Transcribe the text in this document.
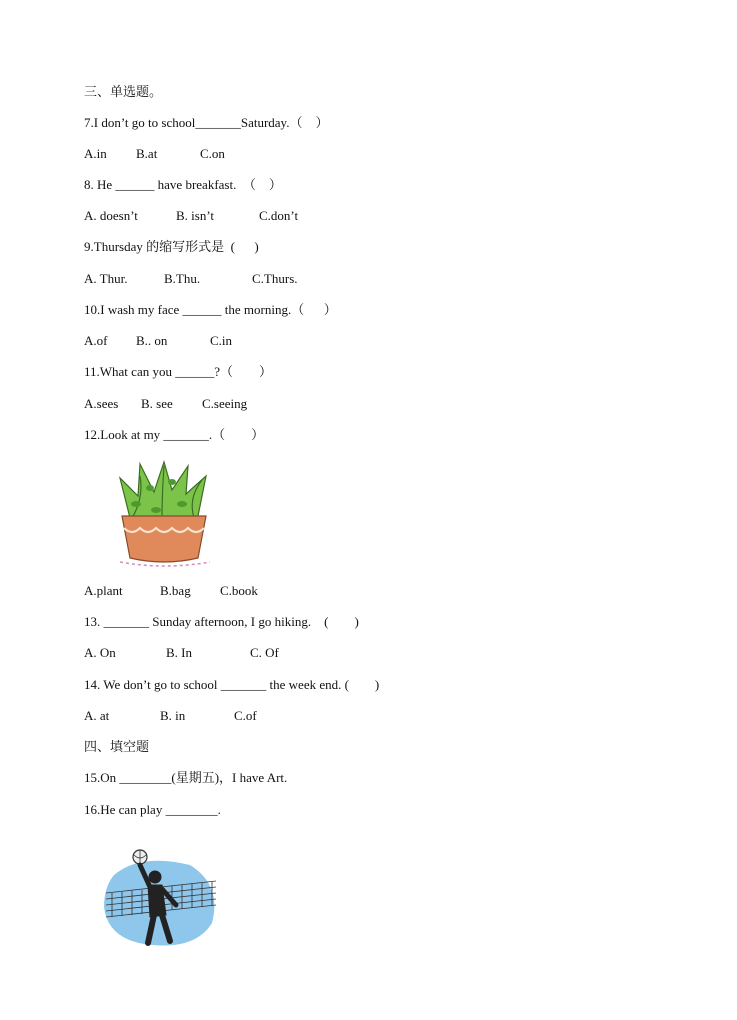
三、单选题。
7.I don’t go to school_______Saturday.（    ）

A.in

B.at

	C.on

8. He ______ have breakfast.  （    ）

A. doesn’t

	B. isn’t

	C.don’t

9.Thursday 的缩写形式是  (      )

A. Thur.

	B.Thu.

	C.Thurs.

10.I wash my face ______ the morning.（      ）

A.of

B.. on

	C.in

11.What can you ______?（        ）

A.sees

B. see

C.seeing

12.Look at my _______.（        ）

A.plant

	B.bag

C.book

13. _______ Sunday afternoon, I go hiking.    (        )

A. On

	B. In

	C. Of

14. We don’t go to school _______ the week end. (        )

A. at

	B. in

	C.of

四、填空题
15.On ________(星期五)，I have Art.
16.He can play ________.
